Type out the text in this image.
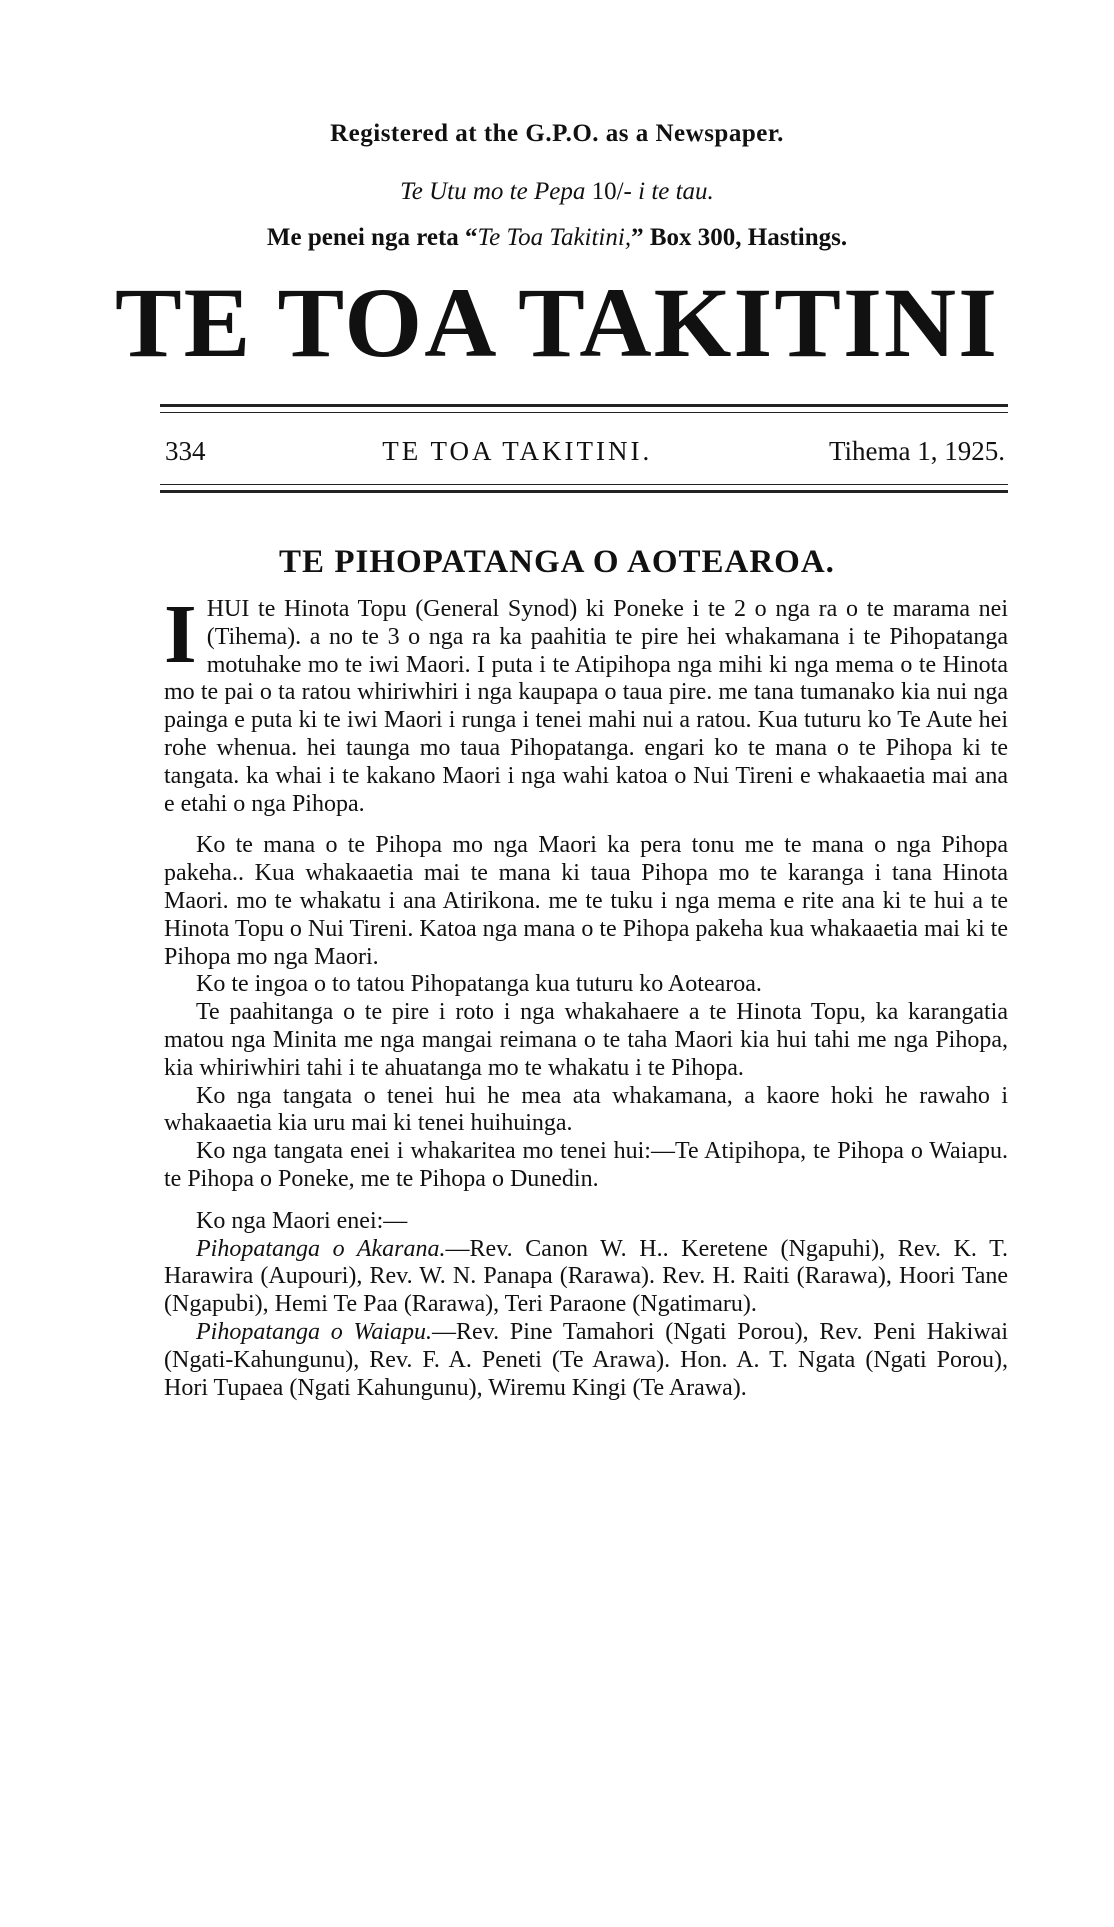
Registered at the G.P.O. as a Newspaper.
Te Utu mo te Pepa 10/- i te tau.
Me penei nga reta “Te Toa Takitini,” Box 300, Hastings.
TE TOA TAKITINI
334	TE TOA TAKITINI.	Tihema 1, 1925.
TE PIHOPATANGA O AOTEAROA.

IHUI te Hinota Topu (General Synod) ki Poneke i te 2 o nga ra o te marama nei (Tihema). a no te 3 o nga ra ka paahitia te pire hei whakamana i te Pihopatanga motuhake mo te iwi Maori. I puta i te Atipihopa nga mihi ki nga mema o te Hinota mo te pai o ta ratou whiriwhiri i nga kaupapa o taua pire. me tana tumanako kia nui nga painga e puta ki te iwi Maori i runga i tenei mahi nui a ratou. Kua tuturu ko Te Aute hei rohe whenua. hei taunga mo taua Pihopatanga. engari ko te mana o te Pihopa ki te tangata. ka whai i te kakano Maori i nga wahi katoa o Nui Tireni e whakaaetia mai ana e etahi o nga Pihopa.

Ko te mana o te Pihopa mo nga Maori ka pera tonu me te mana o nga Pihopa pakeha.. Kua whakaaetia mai te mana ki taua Pihopa mo te karanga i tana Hinota Maori. mo te whakatu i ana Atirikona. me te tuku i nga mema e rite ana ki te hui a te Hinota Topu o Nui Tireni. Katoa nga mana o te Pihopa pakeha kua whakaaetia mai ki te Pihopa mo nga Maori.

Ko te ingoa o to tatou Pihopatanga kua tuturu ko Aotearoa.

Te paahitanga o te pire i roto i nga whakahaere a te Hinota Topu, ka karangatia matou nga Minita me nga mangai reimana o te taha Maori kia hui tahi me nga Pihopa, kia whiriwhiri tahi i te ahuatanga mo te whakatu i te Pihopa.

Ko nga tangata o tenei hui he mea ata whakamana, a kaore hoki he rawaho i whakaaetia kia uru mai ki tenei huihuinga.

Ko nga tangata enei i whakaritea mo tenei hui:—Te Atipihopa, te Pihopa o Waiapu. te Pihopa o Poneke, me te Pihopa o Dunedin.

Ko nga Maori enei:—

Pihopatanga o Akarana.—Rev. Canon W. H.. Keretene (Ngapuhi), Rev. K. T. Harawira (Aupouri), Rev. W. N. Panapa (Rarawa). Rev. H. Raiti (Rarawa), Hoori Tane (Ngapubi), Hemi Te Paa (Rarawa), Teri Paraone (Ngatimaru).

Pihopatanga o Waiapu.—Rev. Pine Tamahori (Ngati Porou), Rev. Peni Hakiwai (Ngati-Kahungunu), Rev. F. A. Peneti (Te Arawa). Hon. A. T. Ngata (Ngati Porou), Hori Tupaea (Ngati Kahungunu), Wiremu Kingi (Te Arawa).
